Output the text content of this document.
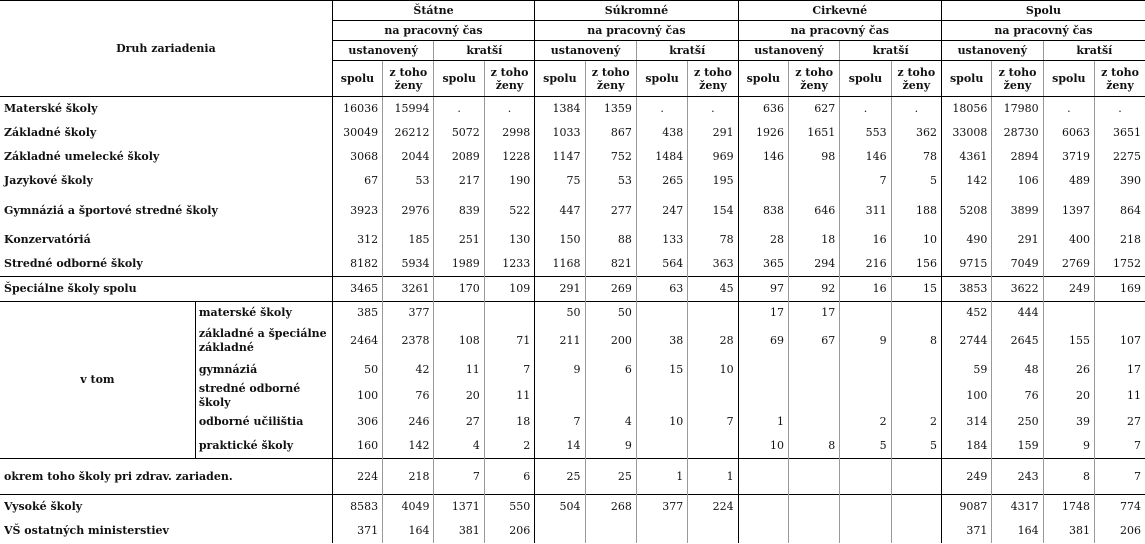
Druh zariadenia		Štátne				Súkromné				Cirkevné				Spolu			
		na pracovný čas				na pracovný čas				na pracovný čas				na pracovný čas			
		ustanovený		kratší		ustanovený		kratší		ustanovený		kratší		ustanovený		kratší	
		spolu	z toho ženy	spolu	z toho ženy	spolu	z toho ženy	spolu	z toho ženy	spolu	z toho ženy	spolu	z toho ženy	spolu	z toho ženy	spolu	z toho ženy
Materské školy		16036	15994	.	.	1384	1359	.	.	636	627	.	.	18056	17980	.	.
Základné školy		30049	26212	5072	2998	1033	867	438	291	1926	1651	553	362	33008	28730	6063	3651
Základné umelecké školy		3068	2044	2089	1228	1147	752	1484	969	146	98	146	78	4361	2894	3719	2275
Jazykové školy		67	53	217	190	75	53	265	195			7	5	142	106	489	390
Gymnáziá a športové stredné školy		3923	2976	839	522	447	277	247	154	838	646	311	188	5208	3899	1397	864
Konzervatóriá		312	185	251	130	150	88	133	78	28	18	16	10	490	291	400	218
Stredné odborné školy		8182	5934	1989	1233	1168	821	564	363	365	294	216	156	9715	7049	2769	1752
Špeciálne školy spolu		3465	3261	170	109	291	269	63	45	97	92	16	15	3853	3622	249	169
v tom	materské školy	385	377			50	50			17	17			452	444		
	základné a špeciálne základné	2464	2378	108	71	211	200	38	28	69	67	9	8	2744	2645	155	107
	gymnáziá	50	42	11	7	9	6	15	10					59	48	26	17
	stredné odborné školy	100	76	20	11									100	76	20	11
	odborné učilištia	306	246	27	18	7	4	10	7	1		2	2	314	250	39	27
	praktické školy	160	142	4	2	14	9			10	8	5	5	184	159	9	7
okrem toho školy pri zdrav. zariaden.		224	218	7	6	25	25	1	1					249	243	8	7
Vysoké školy		8583	4049	1371	550	504	268	377	224					9087	4317	1748	774
VŠ ostatných ministerstiev		371	164	381	206									371	164	381	206
